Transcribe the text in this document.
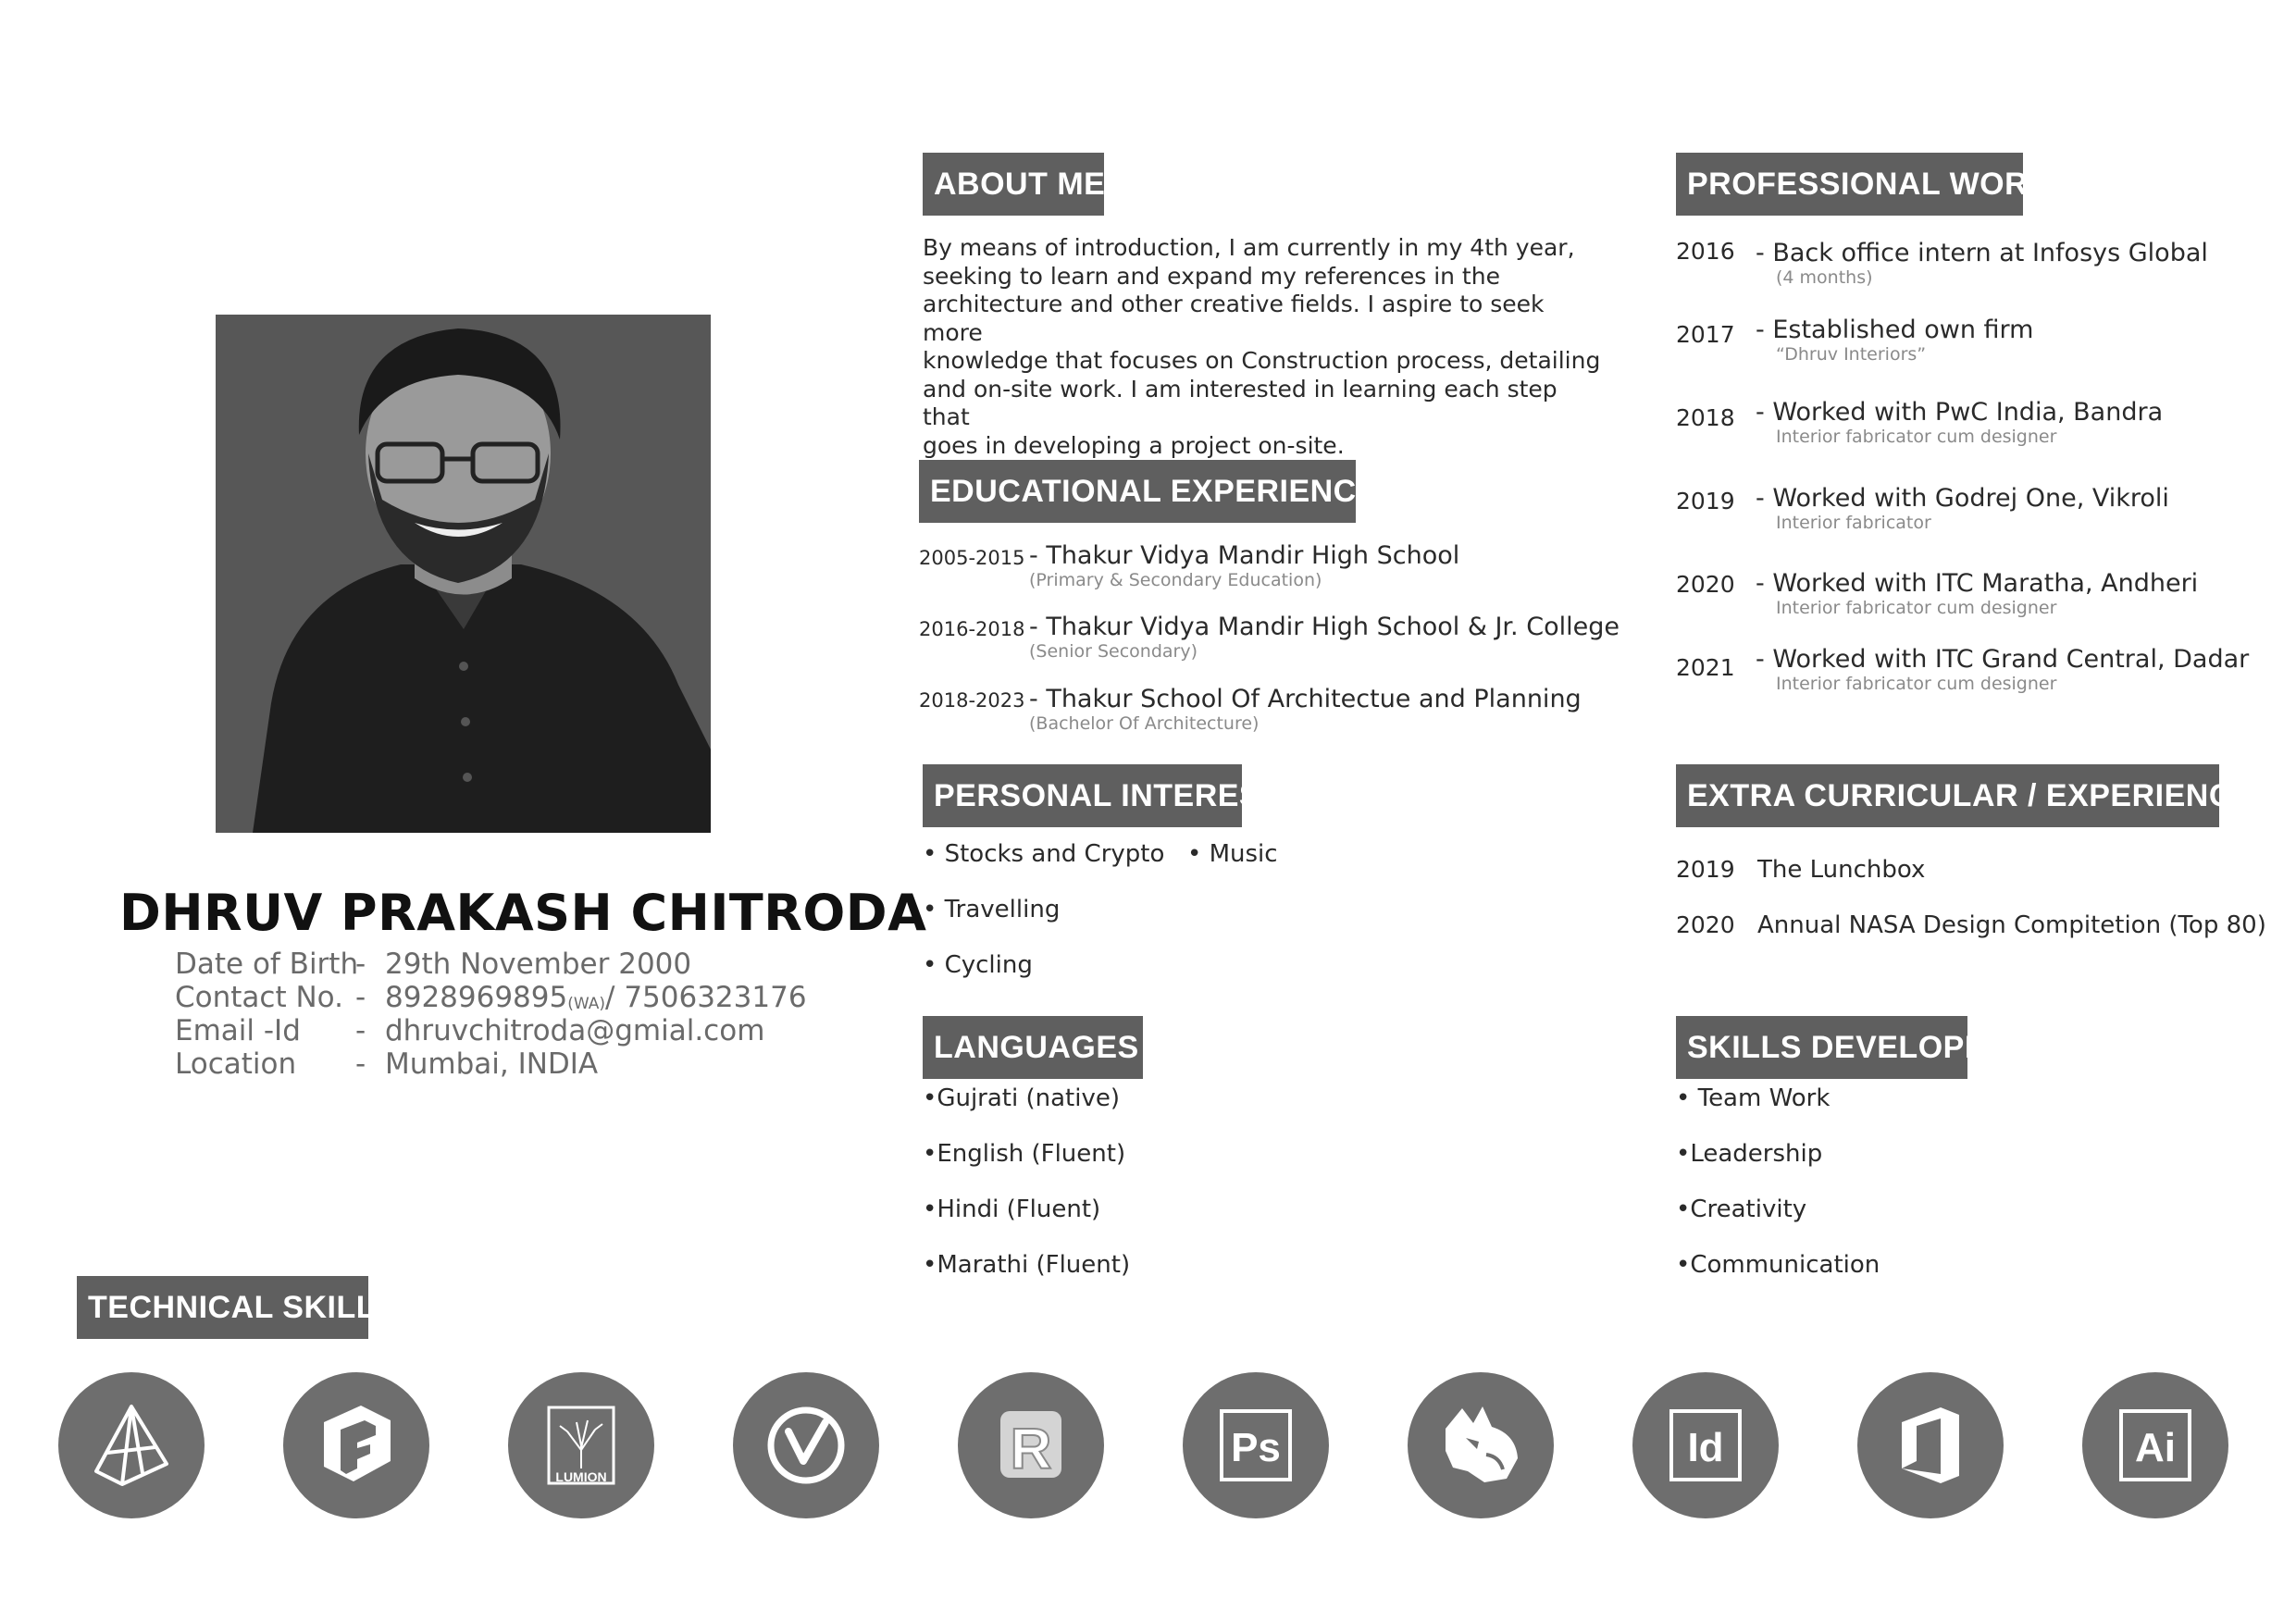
DHRUV PRAKASH CHITRODA
Date of Birth- 29th November 2000
Contact No. - $8928969895_{(WA)}/$ 7506323176
Email -Id - dhruvchitroda@gmial.com
Location - Mumbai, INDIA
TECHNICAL SKILLS
ABOUT ME

By means of introduction, I am currently in my 4th year,

seeking to learn and expand my references in the

architecture and other creative fields. I aspire to seek more

knowledge that focuses on Construction process, detailing

and on-site work. I am interested in learning each step that

goes in developing a project on-site.

EDUCATIONAL EXPERIENCE
2005-2015 - Thakur Vidya Mandir High School
(Primary & Secondary Education)
2016-2018 - Thakur Vidya Mandir High School & Jr. College
(Senior Secondary)
2018-2023 - Thakur School Of Architectue and Planning
(Bachelor Of Architecture)
PERSONAL INTEREST
• Stocks and Crypto • Music
• Travelling
• Cycling
LANGUAGES
•Gujrati (native)
•English (Fluent)
•Hindi (Fluent)
•Marathi (Fluent)
PROFESSIONAL WORK
2016 - Back office intern at Infosys Global
(4 months)
2017 - Established own firm
“Dhruv Interiors”
2018 - Worked with PwC India, Bandra
Interior fabricator cum designer
2019 - Worked with Godrej One, Vikroli
Interior fabricator
2020 - Worked with ITC Maratha, Andheri
Interior fabricator cum designer
2021 - Worked with ITC Grand Central, Dadar
Interior fabricator cum designer
EXTRA CURRICULAR / EXPERIENCES
2019 The Lunchbox
2020 Annual NASA Design Compitetion (Top 80)
SKILLS DEVELOPED
• Team Work
•Leadership
•Creativity
•Communication
LUMION	R	Ps	Id	Ai
